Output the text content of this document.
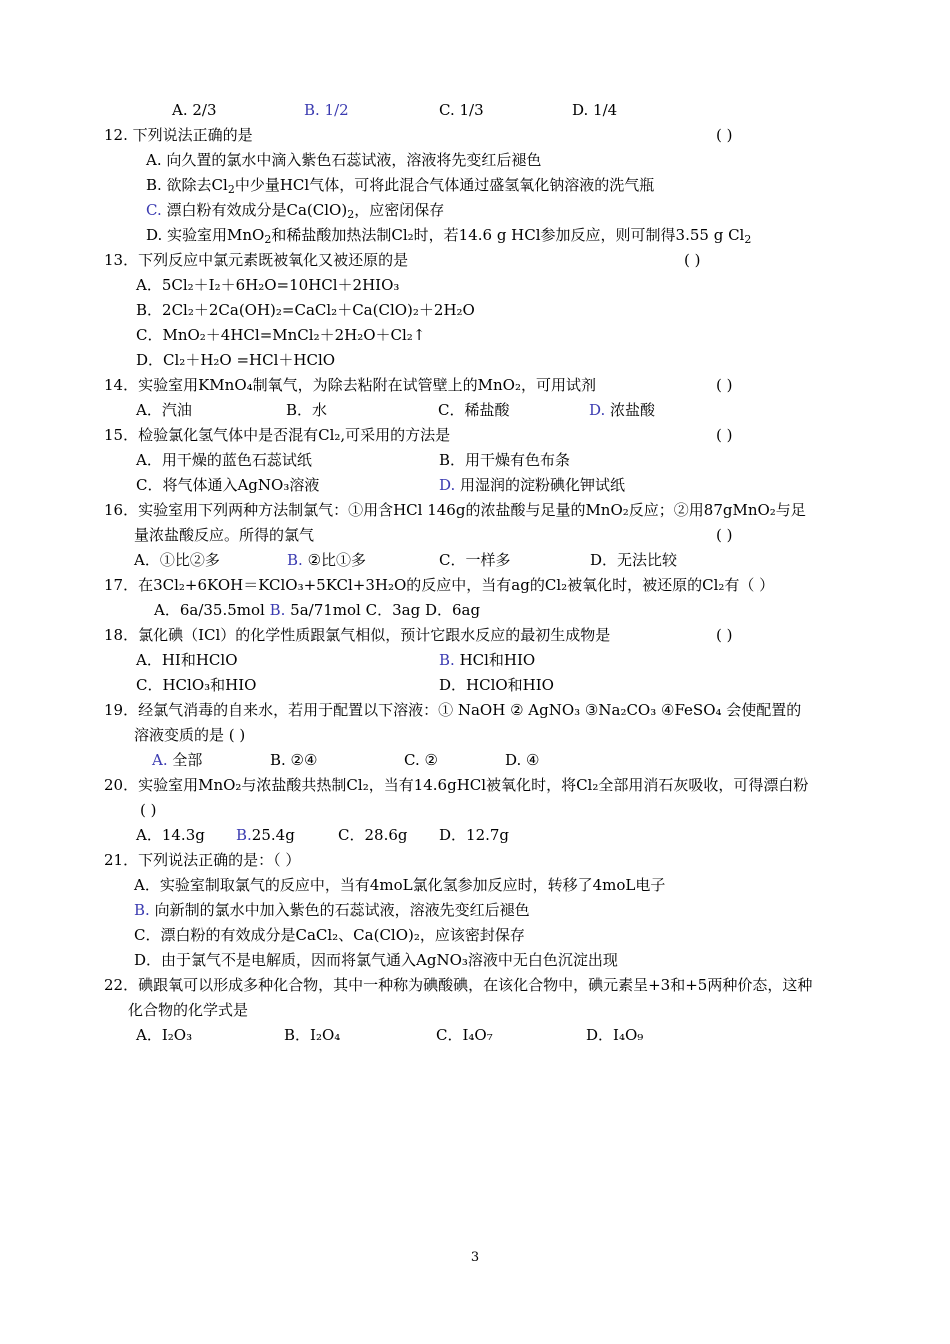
A. 2/3	B. 1/2	C. 1/3	D. 1/4
12. 下列说法正确的是	( )
A. 向久置的氯水中滴入紫色石蕊试液，溶液将先变红后褪色
B. 欲除去$Cl_2$中少量HCl气体，可将此混合气体通过盛氢氧化钠溶液的洗气瓶
C. 漂白粉有效成分是$Ca(ClO)_2$，应密闭保存
D. 实验室用MnO$_2$和稀盐酸加热法制Cl₂时，若14.6 g HCl参加反应，则可制得3.55 g $Cl_2$
13．下列反应中氯元素既被氧化又被还原的是	( )
A．5Cl₂＋I₂＋6H₂O=10HCl＋2HIO₃
B．2Cl₂＋2Ca(OH)₂=CaCl₂＋Ca(ClO)₂＋2H₂O
C．MnO₂＋4HCl=MnCl₂＋2H₂O＋Cl₂↑
D．Cl₂＋H₂O =HCl＋HClO
14．实验室用KMnO₄制氧气，为除去粘附在试管壁上的MnO₂，可用试剂	( )
A．汽油	B．水	C．稀盐酸	D. 浓盐酸
15．检验氯化氢气体中是否混有Cl₂,可采用的方法是	( )
A．用干燥的蓝色石蕊试纸	B．用干燥有色布条
C．将气体通入AgNO₃溶液	D. 用湿润的淀粉碘化钾试纸
16．实验室用下列两种方法制氯气：①用含HCl 146g的浓盐酸与足量的MnO₂反应；②用87gMnO₂与足
量浓盐酸反应。所得的氯气	( )
A．①比②多	B. ②比①多	C．一样多	D．无法比较
17．在3Cl₂+6KOH＝KClO₃+5KCl+3H₂O的反应中，当有ag的Cl₂被氧化时，被还原的Cl₂有（ ）
A．6a/35.5mol B. 5a/71mol C．3ag D．6ag
18．氯化碘（ICl）的化学性质跟氯气相似，预计它跟水反应的最初生成物是	( )
A．HI和HClO	B. HCl和HIO
C．HClO₃和HIO	D．HClO和HIO
19．经氯气消毒的自来水，若用于配置以下溶液：① NaOH ② AgNO₃ ③Na₂CO₃ ④FeSO₄ 会使配置的
溶液变质的是 ( )
A. 全部	B. ②④	C. ②	D. ④
20．实验室用MnO₂与浓盐酸共热制Cl₂，当有14.6gHCl被氧化时，将Cl₂全部用消石灰吸收，可得漂白粉
( )
A．14.3g B.25.4g	C．28.6g D．12.7g
21．下列说法正确的是：（ ）
A．实验室制取氯气的反应中，当有4moL氯化氢参加反应时，转移了4moL电子
B. 向新制的氯水中加入紫色的石蕊试液，溶液先变红后褪色
C．漂白粉的有效成分是CaCl₂、Ca(ClO)₂，应该密封保存
D．由于氯气不是电解质，因而将氯气通入AgNO₃溶液中无白色沉淀出现
22．碘跟氧可以形成多种化合物，其中一种称为碘酸碘，在该化合物中，碘元素呈+3和+5两种价态，这种
化合物的化学式是
A．I₂O₃	B．I₂O₄	C．I₄O₇	D．I₄O₉
3
